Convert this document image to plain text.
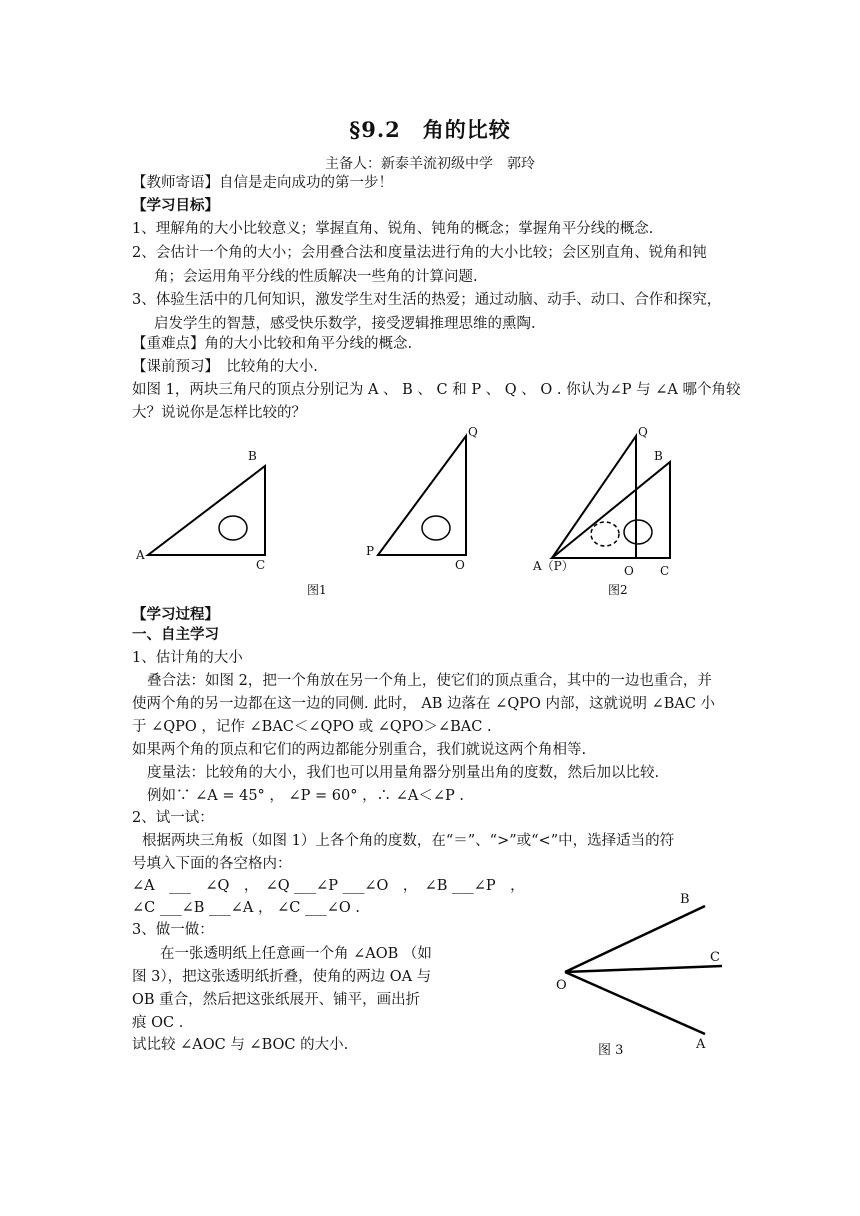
§9.2　角的比较
主备人：新泰羊流初级中学　郭玲
【教师寄语】自信是走向成功的第一步！
【学习目标】
1、理解角的大小比较意义；掌握直角、锐角、钝角的概念；掌握角平分线的概念.
2、会估计一个角的大小；会用叠合法和度量法进行角的大小比较；会区别直角、锐角和钝
角；会运用角平分线的性质解决一些角的计算问题.
3、体验生活中的几何知识，激发学生对生活的热爱；通过动脑、动手、动口、合作和探究，
启发学生的智慧，感受快乐数学，接受逻辑推理思维的熏陶.
【重难点】角的大小比较和角平分线的概念.
【课前预习】　比较角的大小.
如图 1，两块三角尺的顶点分别记为 A 、 B 、 C 和 P 、 Q 、 O . 你认为∠P 与 ∠A 哪个角较
大？说说你是怎样比较的？
B
A
C
Q
P
O
图1
Q
B
A（P）	O C
图2
【学习过程】
一、自主学习
1、估计角的大小
叠合法：如图 2，把一个角放在另一个角上，使它们的顶点重合，其中的一边也重合，并
使两个角的另一边都在这一边的同侧. 此时， AB 边落在 ∠QPO 内部，这就说明 ∠BAC 小
于 ∠QPO ，记作 ∠BAC＜∠QPO 或 ∠QPO＞∠BAC .
如果两个角的顶点和它们的两边都能分别重合，我们就说这两个角相等.
度量法：比较角的大小，我们也可以用量角器分别量出角的度数，然后加以比较.
例如∵ ∠A = 45° ， ∠P = 60° ，∴ ∠A＜∠P .
2、试一试：
根据两块三角板（如图 1）上各个角的度数，在“＝”、“>”或“<”中，选择适当的符
号填入下面的各空格内：
∠A　___　∠Q　，　∠Q ___∠P ___∠O　，　∠B ___∠P　，
∠C ___∠B ___∠A ， ∠C ___∠O .
3、做一做：
在一张透明纸上任意画一个角 ∠AOB （如
图 3），把这张透明纸折叠，使角的两边 OA 与
OB 重合，然后把这张纸展开、铺平，画出折
痕 OC .
试比较 ∠AOC 与 ∠BOC 的大小.
B
C
O
图 3	A
